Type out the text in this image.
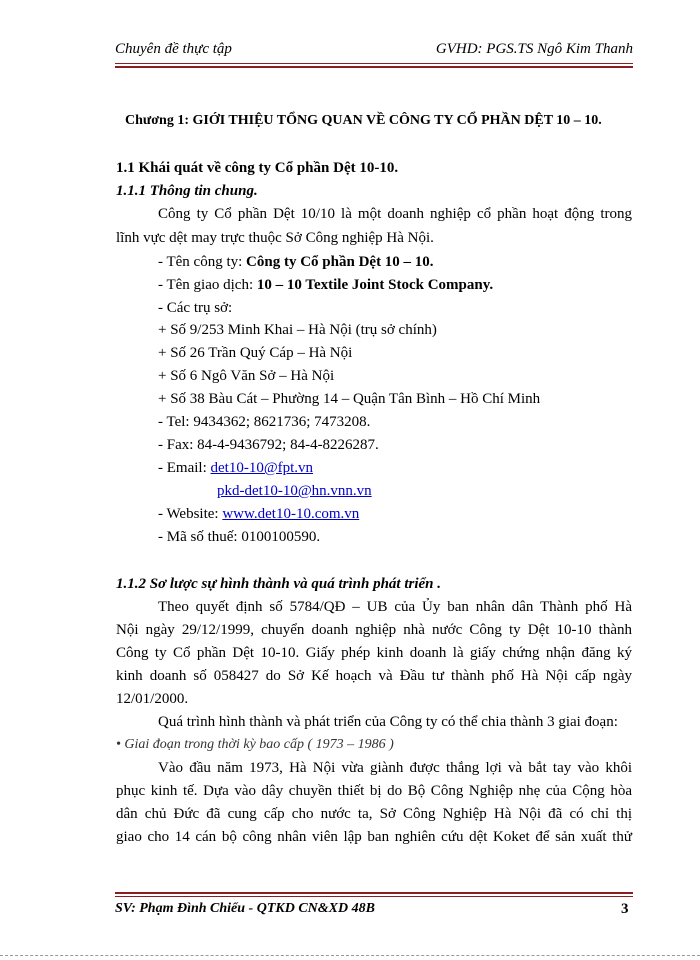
Chuyên đề thực tập	GVHD: PGS.TS Ngô Kim Thanh
Chương 1: GIỚI THIỆU TỔNG QUAN VỀ CÔNG TY CỔ PHẦN DỆT 10 – 10.
1.1 Khái quát về công ty Cổ phần Dệt 10-10.
1.1.1 Thông tin chung.
Công ty Cổ phần Dệt 10/10 là một doanh nghiệp cổ phần hoạt động trong
lĩnh vực dệt may trực thuộc Sở Công nghiệp Hà Nội.
- Tên công ty: Công ty Cổ phần Dệt 10 – 10.
- Tên giao dịch: 10 – 10 Textile Joint Stock Company.
- Các trụ sở:
+ Số 9/253 Minh Khai – Hà Nội (trụ sở chính)
+ Số 26 Trần Quý Cáp – Hà Nội
+ Số 6 Ngô Văn Sở – Hà Nội
+ Số 38 Bàu Cát – Phường 14 – Quận Tân Bình – Hồ Chí Minh
- Tel: 9434362; 8621736; 7473208.
- Fax: 84-4-9436792; 84-4-8226287.
- Email: det10-10@fpt.vn
pkd-det10-10@hn.vnn.vn
- Website: www.det10-10.com.vn
- Mã số thuế: 0100100590.
1.1.2 Sơ lược sự hình thành và quá trình phát triển .
Theo quyết định số 5784/QĐ – UB của Ủy ban nhân dân Thành phố Hà
Nội ngày 29/12/1999, chuyển doanh nghiệp nhà nước Công ty Dệt 10-10 thành
Công ty Cổ phần Dệt 10-10. Giấy phép kinh doanh là giấy chứng nhận đăng ký
kinh doanh số 058427 do Sở Kế hoạch và Đầu tư thành phố Hà Nội cấp ngày
12/01/2000.
Quá trình hình thành và phát triển của Công ty có thể chia thành 3 giai đoạn:
• Giai đoạn trong thời kỳ bao cấp ( 1973 – 1986 )
Vào đầu năm 1973, Hà Nội vừa giành được thắng lợi và bắt tay vào khôi
phục kinh tế. Dựa vào dây chuyền thiết bị do Bộ Công Nghiệp nhẹ của Cộng hòa
dân chủ Đức đã cung cấp cho nước ta, Sở Công Nghiệp Hà Nội đã có chỉ thị
giao cho 14 cán bộ công nhân viên lập ban nghiên cứu dệt Koket để sản xuất thử
SV: Phạm Đình Chiểu - QTKD CN&XD 48B	3
